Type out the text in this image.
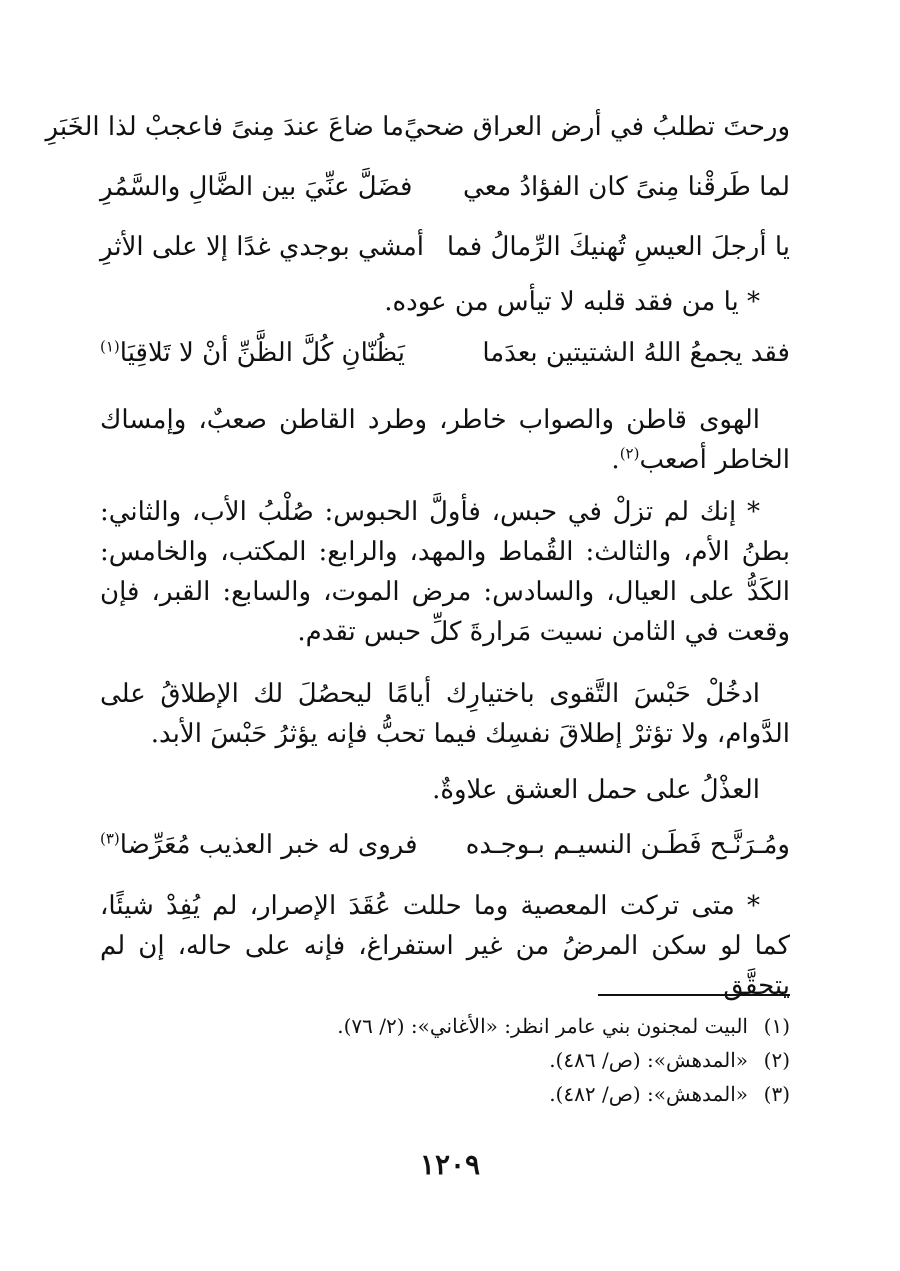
ورحتَ تطلبُ في أرض العراق ضحيً
ما ضاعَ عندَ مِنىً فاعجبْ لذا الخَبَرِ
لما طَرقْنا مِنىً كان الفؤادُ معي
فضَلَّ عنِّيَ بين الضَّالِ والسَّمُرِ
يا أرجلَ العيسِ تُهنيكَ الرِّمالُ فما
أمشي بوجدي غدًا إلا على الأثرِ
* يا من فقد قلبه لا تيأس من عوده.
فقد يجمعُ اللهُ الشتيتين بعدَما
يَظُنّانِ كُلَّ الظَّنِّ أنْ لا تَلاقِيَا$^{(١)}$
الهوى قاطن والصواب خاطر، وطرد القاطن صعبٌ، وإمساك الخاطر أصعب$^{(٢)}$.
* إنك لم تزلْ في حبس، فأولَّ الحبوس: صُلْبُ الأب، والثاني: بطنُ الأم، والثالث: القُماط والمهد، والرابع: المكتب، والخامس: الكَدُّ على العيال، والسادس: مرض الموت، والسابع: القبر، فإن وقعت في الثامن نسيت مَرارةَ كلِّ حبس تقدم.
ادخُلْ حَبْسَ التَّقوى باختيارِك أيامًا ليحصُلَ لك الإطلاقُ على الدَّوام، ولا تؤثرْ إطلاقَ نفسِك فيما تحبُّ فإنه يؤثرُ حَبْسَ الأبد.
العذْلُ على حمل العشق علاوةٌ.
ومُـرَنَّـح فَطَـن النسيـم بـوجـده
فروى له خبر العذيب مُعَرِّضا$^{(٣)}$
* متى تركت المعصية وما حللت عُقَدَ الإصرار، لم يُفِدْ شيئًا، كما لو سكن المرضُ من غير استفراغ، فإنه على حاله، إن لم يتحقَّق
(١)البيت لمجنون بني عامر انظر: «الأغاني»: (٢/ ٧٦).
(٢)«المدهش»: (ص/ ٤٨٦).
(٣)«المدهش»: (ص/ ٤٨٢).
١٢٠٩
